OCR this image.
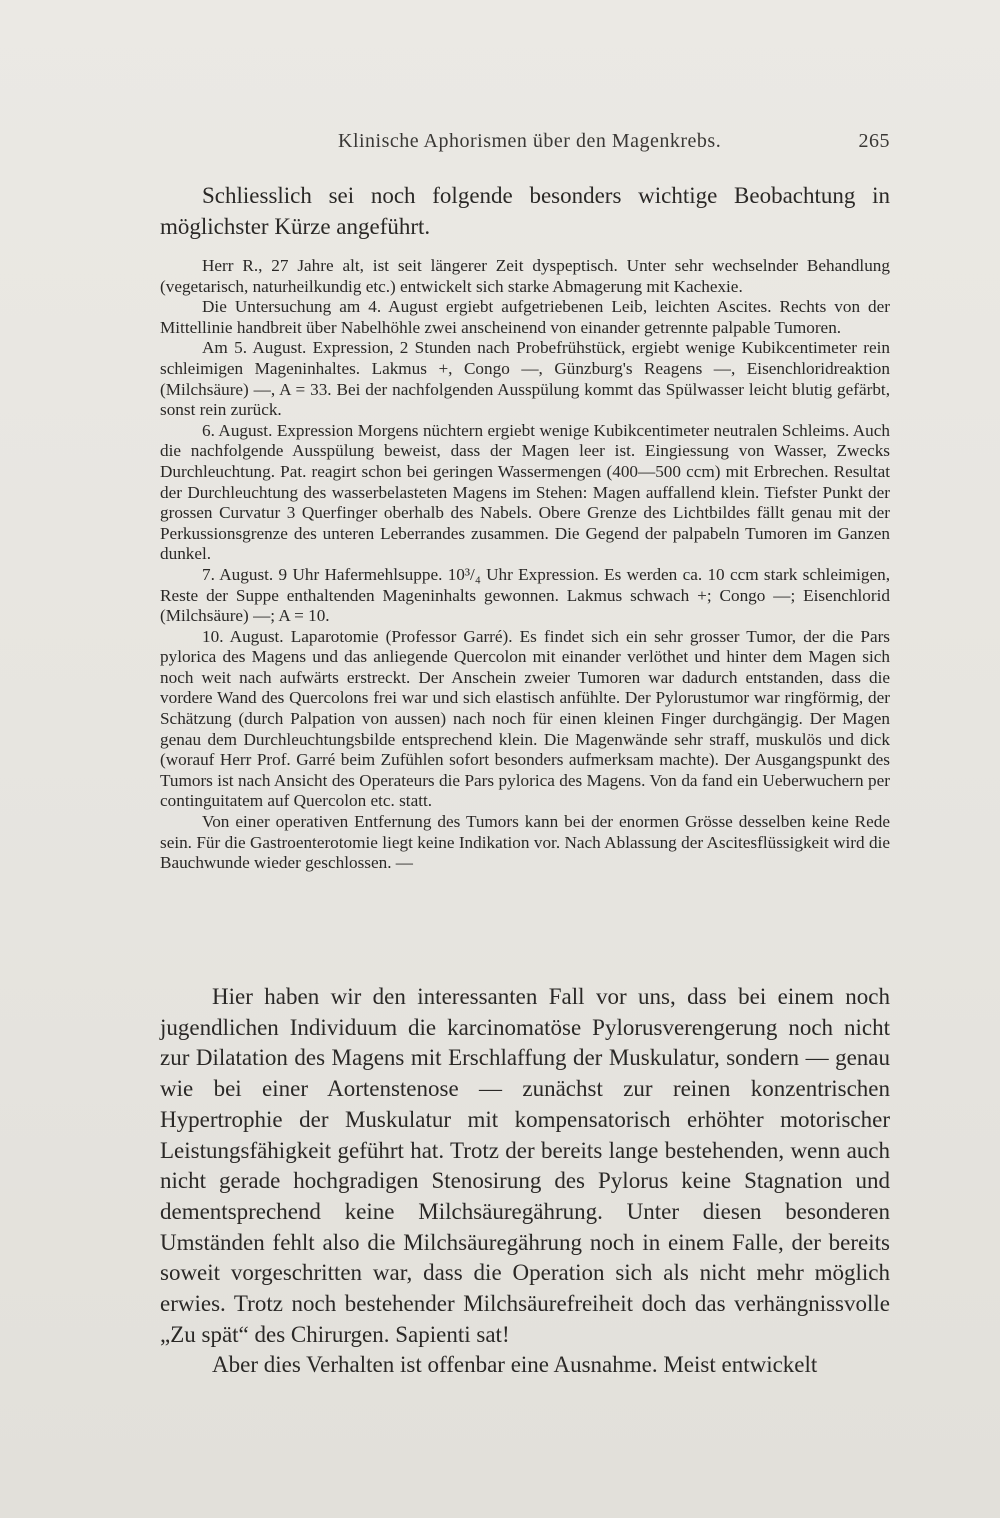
Klinische Aphorismen über den Magenkrebs.	265

Schliesslich sei noch folgende besonders wichtige Beobachtung in möglichster Kürze angeführt.

Herr R., 27 Jahre alt, ist seit längerer Zeit dyspeptisch. Unter sehr wechselnder Behandlung (vegetarisch, naturheilkundig etc.) entwickelt sich starke Abmagerung mit Kachexie.

Die Untersuchung am 4. August ergiebt aufgetriebenen Leib, leichten Ascites. Rechts von der Mittellinie handbreit über Nabelhöhle zwei anscheinend von einander getrennte palpable Tumoren.

Am 5. August. Expression, 2 Stunden nach Probefrühstück, ergiebt wenige Kubikcentimeter rein schleimigen Mageninhaltes. Lakmus +, Congo —, Günzburg's Reagens —, Eisenchloridreaktion (Milchsäure) —, A = 33. Bei der nachfolgenden Ausspülung kommt das Spülwasser leicht blutig gefärbt, sonst rein zurück.

6. August. Expression Morgens nüchtern ergiebt wenige Kubikcentimeter neutralen Schleims. Auch die nachfolgende Ausspülung beweist, dass der Magen leer ist. Eingiessung von Wasser, Zwecks Durchleuchtung. Pat. reagirt schon bei geringen Wassermengen (400—500 ccm) mit Erbrechen. Resultat der Durchleuchtung des wasserbelasteten Magens im Stehen: Magen auffallend klein. Tiefster Punkt der grossen Curvatur 3 Querfinger oberhalb des Nabels. Obere Grenze des Lichtbildes fällt genau mit der Perkussionsgrenze des unteren Leberrandes zusammen. Die Gegend der palpabeln Tumoren im Ganzen dunkel.

7. August. 9 Uhr Hafermehlsuppe. 10³/₄ Uhr Expression. Es werden ca. 10 ccm stark schleimigen, Reste der Suppe enthaltenden Mageninhalts gewonnen. Lakmus schwach +; Congo —; Eisenchlorid (Milchsäure) —; A = 10.

10. August. Laparotomie (Professor Garré). Es findet sich ein sehr grosser Tumor, der die Pars pylorica des Magens und das anliegende Quercolon mit einander verlöthet und hinter dem Magen sich noch weit nach aufwärts erstreckt. Der Anschein zweier Tumoren war dadurch entstanden, dass die vordere Wand des Quercolons frei war und sich elastisch anfühlte. Der Pylorustumor war ringförmig, der Schätzung (durch Palpation von aussen) nach noch für einen kleinen Finger durchgängig. Der Magen genau dem Durchleuchtungsbilde entsprechend klein. Die Magenwände sehr straff, muskulös und dick (worauf Herr Prof. Garré beim Zufühlen sofort besonders aufmerksam machte). Der Ausgangspunkt des Tumors ist nach Ansicht des Operateurs die Pars pylorica des Magens. Von da fand ein Ueberwuchern per continguitatem auf Quercolon etc. statt.

Von einer operativen Entfernung des Tumors kann bei der enormen Grösse desselben keine Rede sein. Für die Gastroenterotomie liegt keine Indikation vor. Nach Ablassung der Ascitesflüssigkeit wird die Bauchwunde wieder geschlossen. —

Hier haben wir den interessanten Fall vor uns, dass bei einem noch jugendlichen Individuum die karcinomatöse Pylorusverengerung noch nicht zur Dilatation des Magens mit Erschlaffung der Muskulatur, sondern — genau wie bei einer Aortenstenose — zunächst zur reinen konzentrischen Hypertrophie der Muskulatur mit kompensatorisch erhöhter motorischer Leistungsfähigkeit geführt hat. Trotz der bereits lange bestehenden, wenn auch nicht gerade hochgradigen Stenosirung des Pylorus keine Stagnation und dementsprechend keine Milchsäuregährung. Unter diesen besonderen Umständen fehlt also die Milchsäuregährung noch in einem Falle, der bereits soweit vorgeschritten war, dass die Operation sich als nicht mehr möglich erwies. Trotz noch bestehender Milchsäurefreiheit doch das verhängnissvolle „Zu spät“ des Chirurgen. Sapienti sat!

Aber dies Verhalten ist offenbar eine Ausnahme. Meist entwickelt
